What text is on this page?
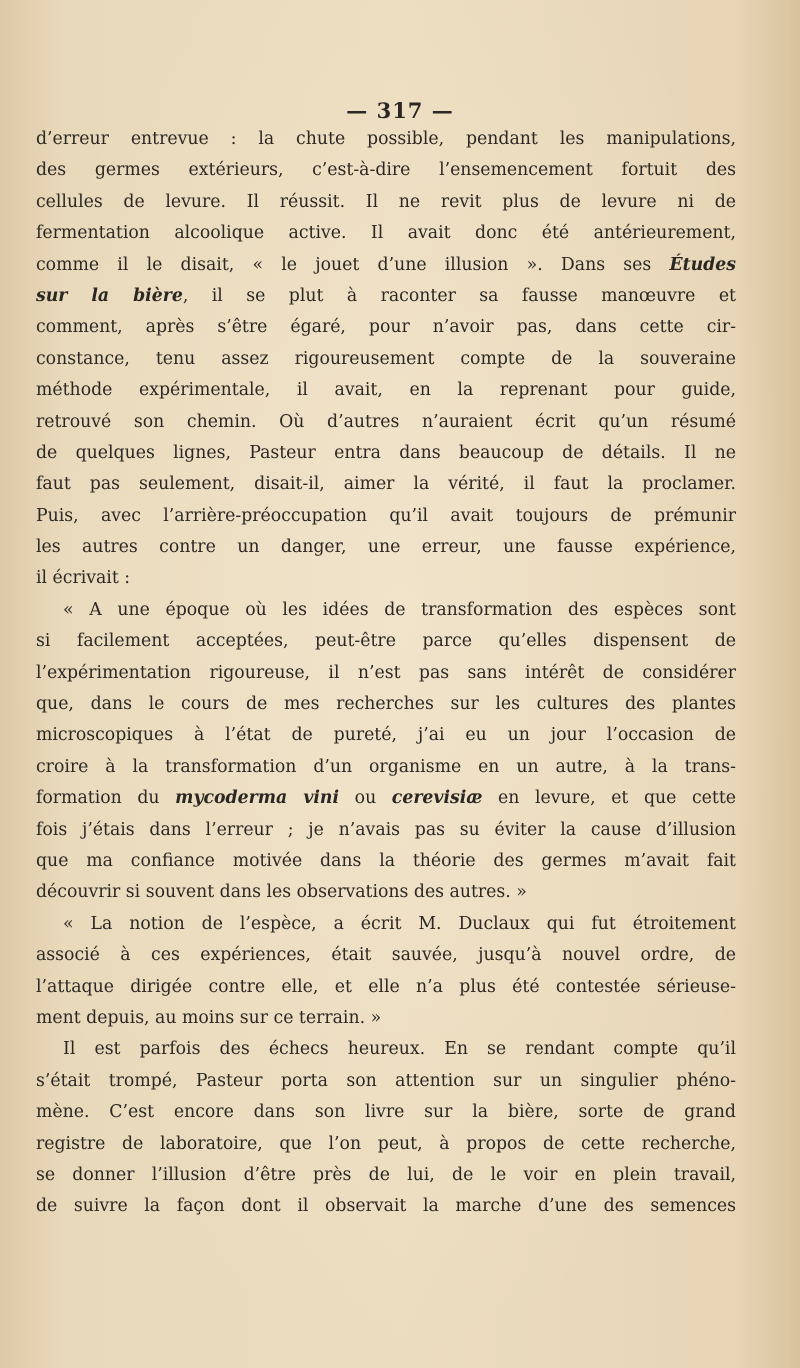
— 317 —
d’erreur entrevue : la chute possible, pendant les manipulations,
des germes extérieurs, c’est-à-dire l’ensemencement fortuit des
cellules de levure. Il réussit. Il ne revit plus de levure ni de
fermentation alcoolique active. Il avait donc été antérieurement,
comme il le disait, « le jouet d’une illusion ». Dans ses Études
sur la bière, il se plut à raconter sa fausse manœuvre et
comment, après s’être égaré, pour n’avoir pas, dans cette cir-
constance, tenu assez rigoureusement compte de la souveraine
méthode expérimentale, il avait, en la reprenant pour guide,
retrouvé son chemin. Où d’autres n’auraient écrit qu’un résumé
de quelques lignes, Pasteur entra dans beaucoup de détails. Il ne
faut pas seulement, disait-il, aimer la vérité, il faut la proclamer.
Puis, avec l’arrière-préoccupation qu’il avait toujours de prémunir
les autres contre un danger, une erreur, une fausse expérience,
il écrivait :
« A une époque où les idées de transformation des espèces sont
si facilement acceptées, peut-être parce qu’elles dispensent de
l’expérimentation rigoureuse, il n’est pas sans intérêt de considérer
que, dans le cours de mes recherches sur les cultures des plantes
microscopiques à l’état de pureté, j’ai eu un jour l’occasion de
croire à la transformation d’un organisme en un autre, à la trans-
formation du mycoderma vini ou cerevisiæ en levure, et que cette
fois j’étais dans l’erreur ; je n’avais pas su éviter la cause d’illusion
que ma confiance motivée dans la théorie des germes m’avait fait
découvrir si souvent dans les observations des autres. »
« La notion de l’espèce, a écrit M. Duclaux qui fut étroitement
associé à ces expériences, était sauvée, jusqu’à nouvel ordre, de
l’attaque dirigée contre elle, et elle n’a plus été contestée sérieuse-
ment depuis, au moins sur ce terrain. »
Il est parfois des échecs heureux. En se rendant compte qu’il
s’était trompé, Pasteur porta son attention sur un singulier phéno-
mène. C’est encore dans son livre sur la bière, sorte de grand
registre de laboratoire, que l’on peut, à propos de cette recherche,
se donner l’illusion d’être près de lui, de le voir en plein travail,
de suivre la façon dont il observait la marche d’une des semences
